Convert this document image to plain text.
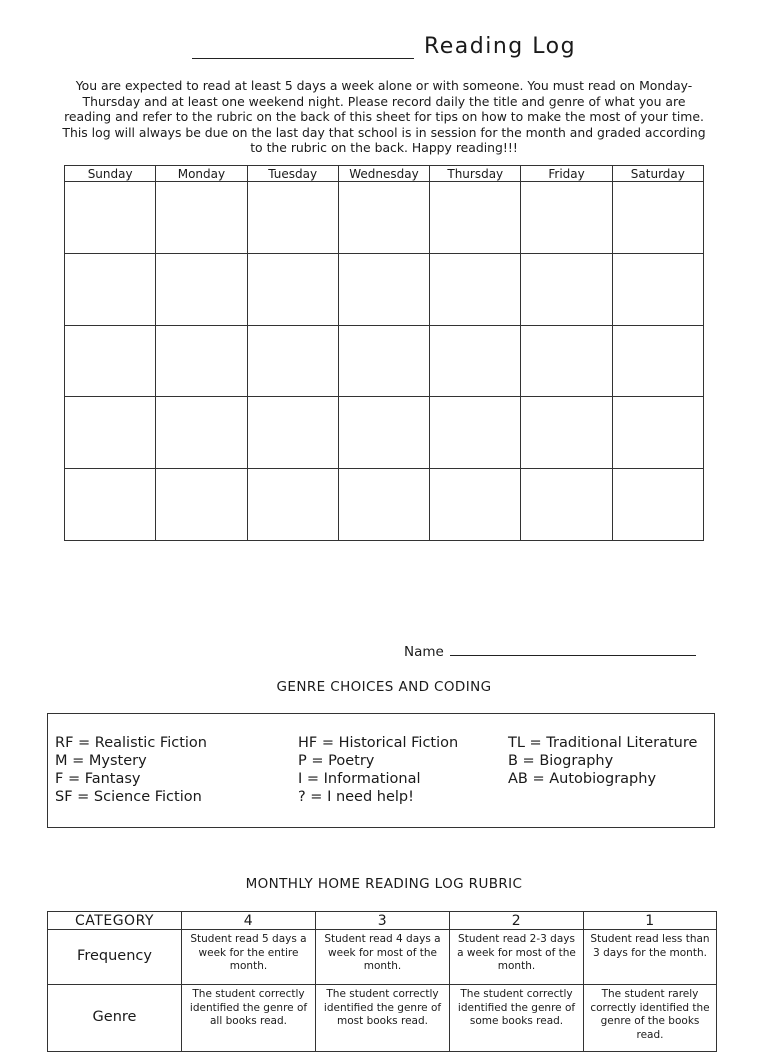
Reading Log
You are expected to read at least 5 days a week alone or with someone. You must read on Monday-Thursday and at least one weekend night. Please record daily the title and genre of what you are reading and refer to the rubric on the back of this sheet for tips on how to make the most of your time. This log will always be due on the last day that school is in session for the month and graded according to the rubric on the back. Happy reading!!!
Sunday	Monday	Tuesday	Wednesday	Thursday	Friday	Saturday

Name
GENRE CHOICES AND CODING
RF = Realistic Fiction
M = Mystery
F = Fantasy
SF = Science Fiction
HF = Historical Fiction
P = Poetry
I = Informational
? = I need help!
TL = Traditional Literature
B = Biography
AB = Autobiography
MONTHLY HOME READING LOG RUBRIC
CATEGORY	4	3	2	1
Frequency	Student read 5 days a week for the entire month.	Student read 4 days a week for most of the month.	Student read 2-3 days a week for most of the month.	Student read less than 3 days for the month.
Genre	The student correctly identified the genre of all books read.	The student correctly identified the genre of most books read.	The student correctly identified the genre of some books read.	The student rarely correctly identified the genre of the books read.
